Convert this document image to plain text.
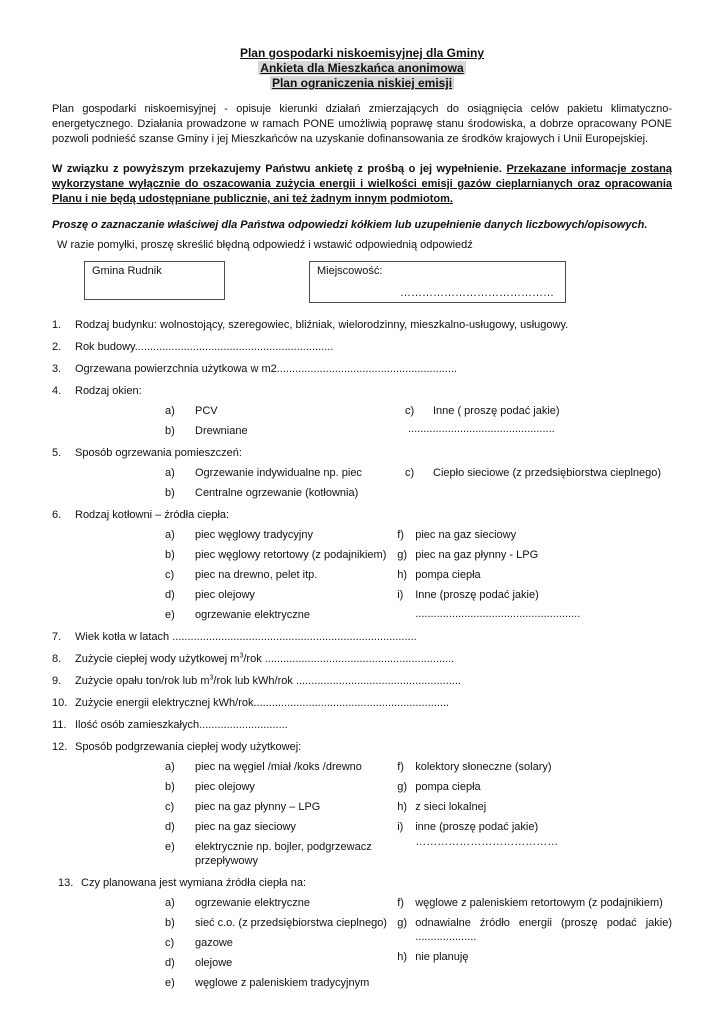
Plan gospodarki niskoemisyjnej dla Gminy
Ankieta dla Mieszkańca anonimowa
Plan ograniczenia niskiej emisji

Plan gospodarki niskoemisyjnej - opisuje kierunki działań zmierzających do osiągnięcia celów pakietu klimatyczno-energetycznego. Działania prowadzone w ramach PONE umożliwią poprawę stanu środowiska, a dobrze opracowany PONE pozwoli podnieść szanse Gminy i jej Mieszkańców na uzyskanie dofinansowania ze środków krajowych i Unii Europejskiej.

W związku z powyższym przekazujemy Państwu ankietę z prośbą o jej wypełnienie. Przekazane informacje zostaną wykorzystane wyłącznie do oszacowania zużycia energii i wielkości emisji gazów cieplarnianych oraz opracowania Planu i nie będą udostępniane publicznie, ani też żadnym innym podmiotom.

Proszę o zaznaczanie właściwej dla Państwa odpowiedzi kółkiem lub uzupełnienie danych liczbowych/opisowych.
W razie pomyłki, proszę skreślić błędną odpowiedź i wstawić odpowiednią odpowiedź
Gmina Rudnik	Miejscowość:
……………………………………
1.	Rodzaj budynku: wolnostojący, szeregowiec, bliźniak, wielorodzinny, mieszkalno-usługowy, usługowy.
2.	Rok budowy.................................................................
3.	Ogrzewana powierzchnia użytkowa w m2...........................................................
4.	Rodzaj okien:
a)	PCV
b)	Drewniane
c)	Inne ( proszę podać jakie)
................................................
5.	Sposób ogrzewania pomieszczeń:
a)	Ogrzewanie indywidualne np. piec
b)	Centralne ogrzewanie (kotłownia)
c)	Ciepło sieciowe (z przedsiębiorstwa cieplnego)
6.	Rodzaj kotłowni – źródła ciepła:
a)	piec węglowy tradycyjny
b)	piec węglowy retortowy (z podajnikiem)
c)	piec na drewno, pelet itp.
d)	piec olejowy
e)	ogrzewanie elektryczne
f)	piec na gaz sieciowy
g) piec na gaz płynny - LPG
h) pompa ciepła
i)	Inne (proszę podać jakie)
......................................................
7.	Wiek kotła w latach ................................................................................
8.	Zużycie ciepłej wody użytkowej $m^3$/rok ..............................................................
9.	Zużycie opału ton/rok lub $m^3$/rok lub kWh/rok ......................................................
10. Zużycie energii elektrycznej kWh/rok................................................................
11. Ilość osób zamieszkałych.............................
12. Sposób podgrzewania ciepłej wody użytkowej:
a)	piec na węgiel /miał /koks /drewno
b)	piec olejowy
c)	piec na gaz płynny – LPG
d)	piec na gaz sieciowy
e)	elektrycznie np. bojler, podgrzewacz przepływowy
f)	kolektory słoneczne (solary)
g) pompa ciepła
h) z sieci lokalnej
i)	inne (proszę podać jakie)
…………………………………
13. Czy planowana jest wymiana źródła ciepła na:
a)	ogrzewanie elektryczne
b)	sieć c.o. (z przedsiębiorstwa cieplnego)
c)	gazowe
d)	olejowe
e)	węglowe z paleniskiem tradycyjnym
f)	węglowe z paleniskiem retortowym (z podajnikiem)
g) odnawialne źródło energii (proszę podać jakie) ....................
h) nie planuję
